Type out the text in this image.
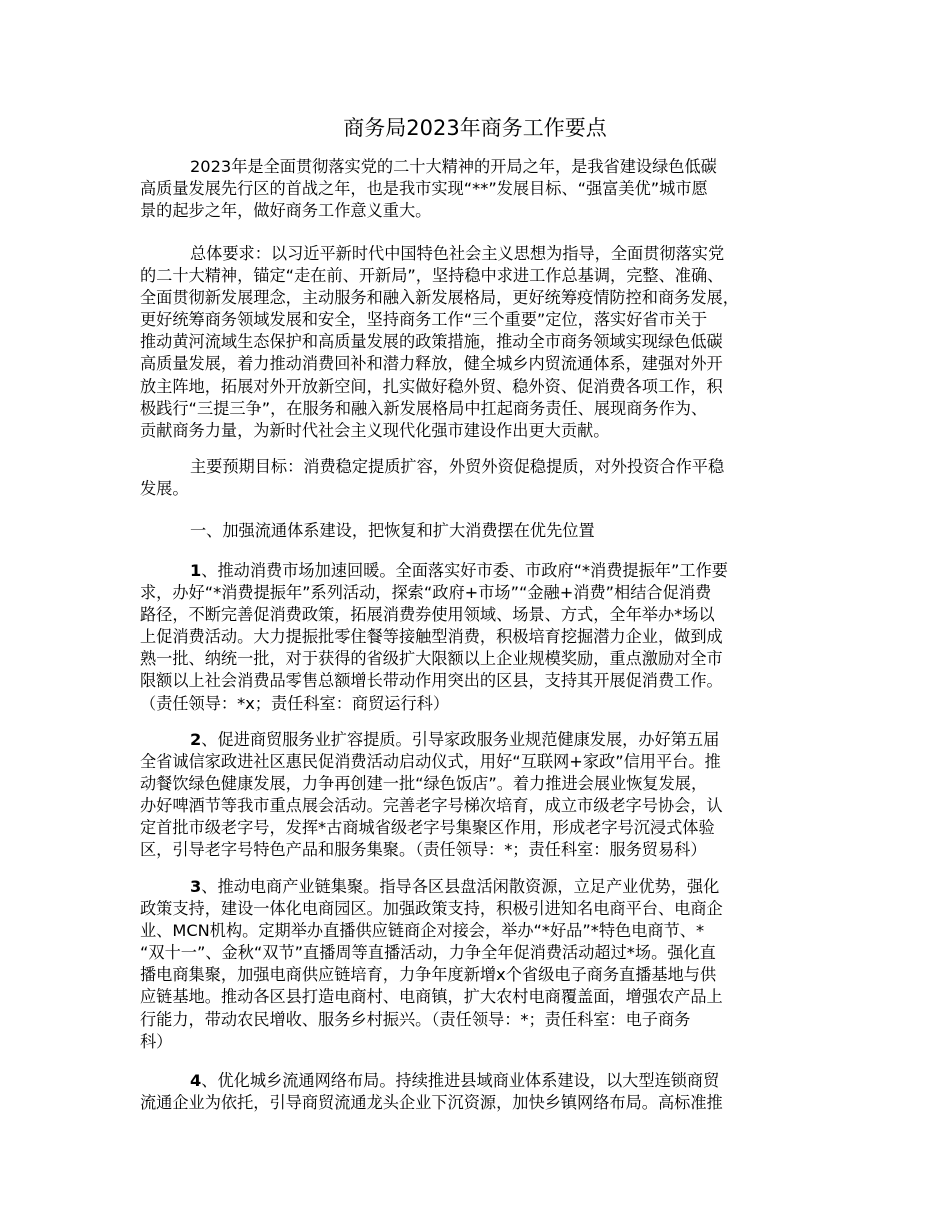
商务局2023年商务工作要点
2023年是全面贯彻落实党的二十大精神的开局之年，是我省建设绿色低碳
高质量发展先行区的首战之年，也是我市实现“**”发展目标、“强富美优”城市愿
景的起步之年，做好商务工作意义重大。
总体要求：以习近平新时代中国特色社会主义思想为指导，全面贯彻落实党
的二十大精神，锚定“走在前、开新局”，坚持稳中求进工作总基调，完整、准确、
全面贯彻新发展理念，主动服务和融入新发展格局，更好统筹疫情防控和商务发展，
更好统筹商务领域发展和安全，坚持商务工作“三个重要”定位，落实好省市关于
推动黄河流域生态保护和高质量发展的政策措施，推动全市商务领域实现绿色低碳
高质量发展，着力推动消费回补和潜力释放，健全城乡内贸流通体系，建强对外开
放主阵地，拓展对外开放新空间，扎实做好稳外贸、稳外资、促消费各项工作，积
极践行“三提三争”，在服务和融入新发展格局中扛起商务责任、展现商务作为、
贡献商务力量，为新时代社会主义现代化强市建设作出更大贡献。
主要预期目标：消费稳定提质扩容，外贸外资促稳提质，对外投资合作平稳
发展。
一、加强流通体系建设，把恢复和扩大消费摆在优先位置
1、推动消费市场加速回暖。全面落实好市委、市政府“*消费提振年”工作要
求，办好“*消费提振年”系列活动，探索“政府+市场”“金融+消费”相结合促消费
路径，不断完善促消费政策，拓展消费券使用领域、场景、方式，全年举办*场以
上促消费活动。大力提振批零住餐等接触型消费，积极培育挖掘潜力企业，做到成
熟一批、纳统一批，对于获得的省级扩大限额以上企业规模奖励，重点激励对全市
限额以上社会消费品零售总额增长带动作用突出的区县，支持其开展促消费工作。
（责任领导：*x；责任科室：商贸运行科）
2、促进商贸服务业扩容提质。引导家政服务业规范健康发展，办好第五届
全省诚信家政进社区惠民促消费活动启动仪式，用好“互联网+家政”信用平台。推
动餐饮绿色健康发展，力争再创建一批“绿色饭店”。着力推进会展业恢复发展，
办好啤酒节等我市重点展会活动。完善老字号梯次培育，成立市级老字号协会，认
定首批市级老字号，发挥*古商城省级老字号集聚区作用，形成老字号沉浸式体验
区，引导老字号特色产品和服务集聚。（责任领导：*；责任科室：服务贸易科）
3、推动电商产业链集聚。指导各区县盘活闲散资源，立足产业优势，强化
政策支持，建设一体化电商园区。加强政策支持，积极引进知名电商平台、电商企
业、MCN机构。定期举办直播供应链商企对接会，举办“*好品”*特色电商节、*
“双十一”、金秋“双节”直播周等直播活动，力争全年促消费活动超过*场。强化直
播电商集聚，加强电商供应链培育，力争年度新增x个省级电子商务直播基地与供
应链基地。推动各区县打造电商村、电商镇，扩大农村电商覆盖面，增强农产品上
行能力，带动农民增收、服务乡村振兴。（责任领导：*；责任科室：电子商务
科）
4、优化城乡流通网络布局。持续推进县域商业体系建设，以大型连锁商贸
流通企业为依托，引导商贸流通龙头企业下沉资源，加快乡镇网络布局。高标准推
